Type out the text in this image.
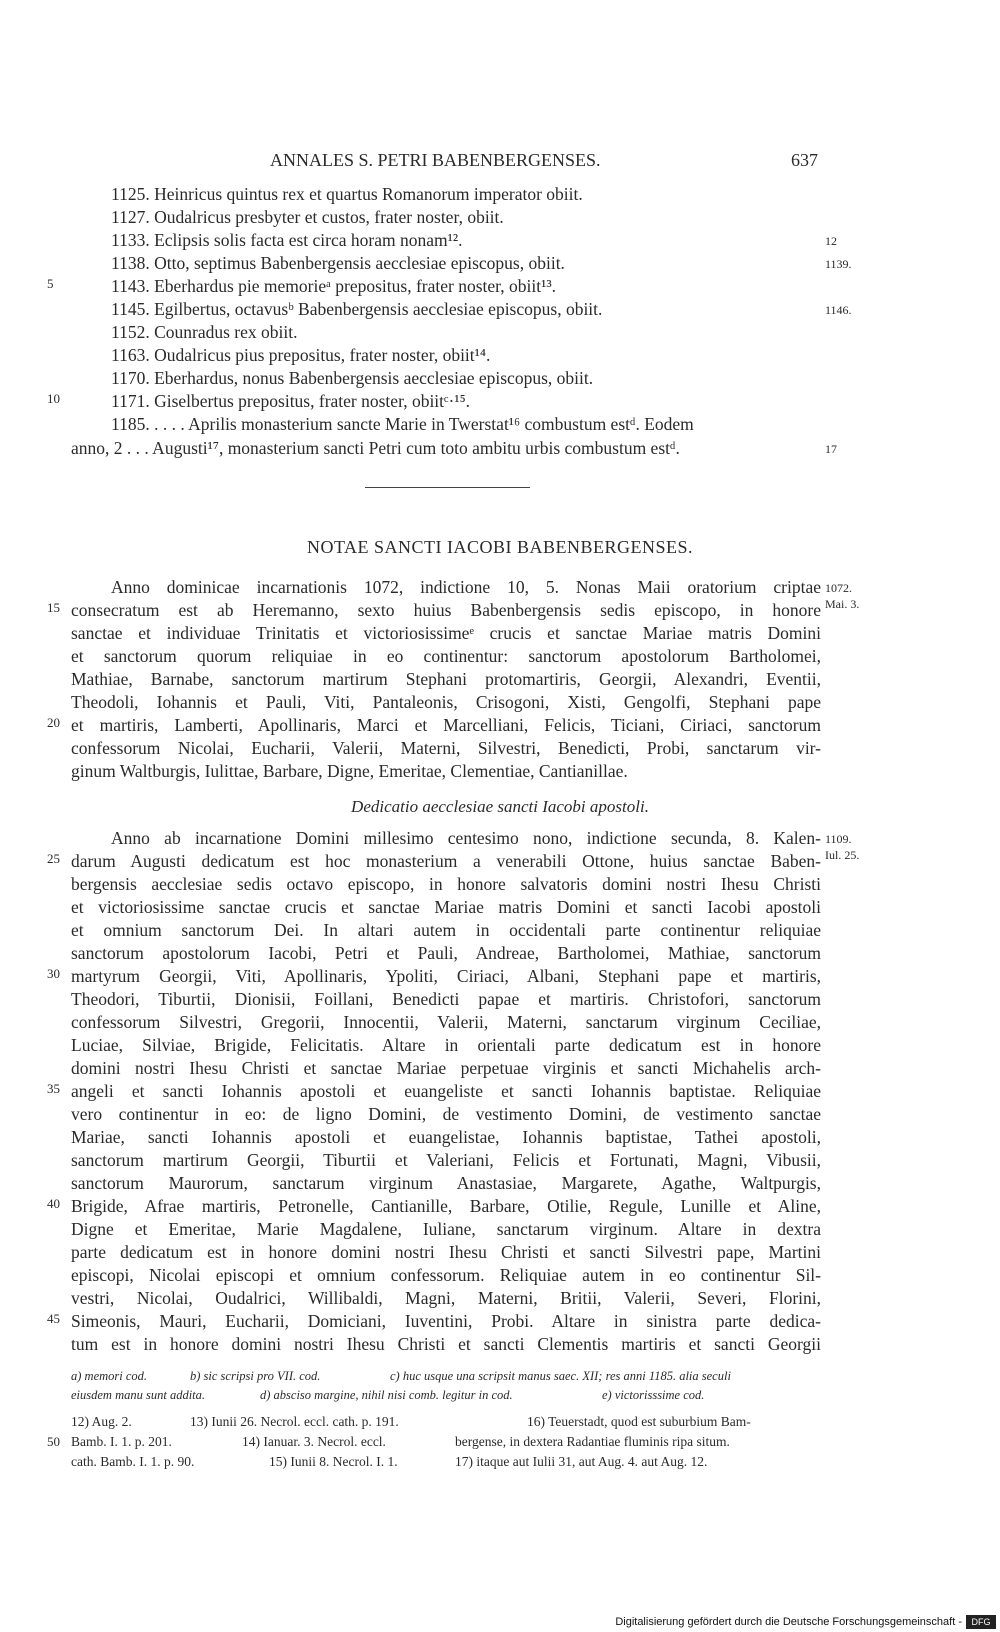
ANNALES S. PETRI BABENBERGENSES.	637
1125. Heinricus quintus rex et quartus Romanorum imperator obiit.
1127. Oudalricus presbyter et custos, frater noster, obiit.
1133. Eclipsis solis facta est circa horam nonam¹².	12
1138. Otto, septimus Babenbergensis aecclesiae episcopus, obiit.	1139.
5	1143. Eberhardus pie memorieᵃ prepositus, frater noster, obiit¹³.
1145. Egilbertus, octavusᵇ Babenbergensis aecclesiae episcopus, obiit.	1146.
1152. Counradus rex obiit.
1163. Oudalricus pius prepositus, frater noster, obiit¹⁴.
1170. Eberhardus, nonus Babenbergensis aecclesiae episcopus, obiit.
10	1171. Giselbertus prepositus, frater noster, obiitᶜ·¹⁵.
1185. . . . . Aprilis monasterium sancte Marie in Twerstat¹⁶ combustum estᵈ. Eodem
anno, 2 . . . Augusti¹⁷, monasterium sancti Petri cum toto ambitu urbis combustum estᵈ.	17
NOTAE SANCTI IACOBI BABENBERGENSES.
Anno dominicae incarnationis 1072, indictione 10, 5. Nonas Maii oratorium criptae 1072.
15 consecratum est ab Heremanno, sexto huius Babenbergensis sedis episcopo, in honore Mai. 3.
sanctae et individuae Trinitatis et victoriosissimeᵉ crucis et sanctae Mariae matris Domini
et sanctorum quorum reliquiae in eo continentur: sanctorum apostolorum Bartholomei,
Mathiae, Barnabe, sanctorum martirum Stephani protomartiris, Georgii, Alexandri, Eventii,
Theodoli, Iohannis et Pauli, Viti, Pantaleonis, Crisogoni, Xisti, Gengolfi, Stephani pape
20 et martiris, Lamberti, Apollinaris, Marci et Marcelliani, Felicis, Ticiani, Ciriaci, sanctorum
confessorum Nicolai, Eucharii, Valerii, Materni, Silvestri, Benedicti, Probi, sanctarum vir-
ginum Waltburgis, Iulittae, Barbare, Digne, Emeritae, Clementiae, Cantianillae.
Dedicatio aecclesiae sancti Iacobi apostoli.
Anno ab incarnatione Domini millesimo centesimo nono, indictione secunda, 8. Kalen- 1109.
25 darum Augusti dedicatum est hoc monasterium a venerabili Ottone, huius sanctae Baben- Iul. 25.
bergensis aecclesiae sedis octavo episcopo, in honore salvatoris domini nostri Ihesu Christi
et victoriosissime sanctae crucis et sanctae Mariae matris Domini et sancti Iacobi apostoli
et omnium sanctorum Dei. In altari autem in occidentali parte continentur reliquiae
sanctorum apostolorum Iacobi, Petri et Pauli, Andreae, Bartholomei, Mathiae, sanctorum
30 martyrum Georgii, Viti, Apollinaris, Ypoliti, Ciriaci, Albani, Stephani pape et martiris,
Theodori, Tiburtii, Dionisii, Foillani, Benedicti papae et martiris. Christofori, sanctorum
confessorum Silvestri, Gregorii, Innocentii, Valerii, Materni, sanctarum virginum Ceciliae,
Luciae, Silviae, Brigide, Felicitatis. Altare in orientali parte dedicatum est in honore
domini nostri Ihesu Christi et sanctae Mariae perpetuae virginis et sancti Michahelis arch-
35 angeli et sancti Iohannis apostoli et euangeliste et sancti Iohannis baptistae. Reliquiae
vero continentur in eo: de ligno Domini, de vestimento Domini, de vestimento sanctae
Mariae, sancti Iohannis apostoli et euangelistae, Iohannis baptistae, Tathei apostoli,
sanctorum martirum Georgii, Tiburtii et Valeriani, Felicis et Fortunati, Magni, Vibusii,
sanctorum Maurorum, sanctarum virginum Anastasiae, Margarete, Agathe, Waltpurgis,
40 Brigide, Afrae martiris, Petronelle, Cantianille, Barbare, Otilie, Regule, Lunille et Aline,
Digne et Emeritae, Marie Magdalene, Iuliane, sanctarum virginum. Altare in dextra
parte dedicatum est in honore domini nostri Ihesu Christi et sancti Silvestri pape, Martini
episcopi, Nicolai episcopi et omnium confessorum. Reliquiae autem in eo continentur Sil-
vestri, Nicolai, Oudalrici, Willibaldi, Magni, Materni, Britii, Valerii, Severi, Florini,
45 Simeonis, Mauri, Eucharii, Domiciani, Iuventini, Probi. Altare in sinistra parte dedica-
tum est in honore domini nostri Ihesu Christi et sancti Clementis martiris et sancti Georgii
a) memori cod.	b) sic scripsi pro VII. cod.	c) huc usque una scripsit manus saec. XII; res anni 1185. alia seculi
eiusdem manu sunt addita.	d) absciso margine, nihil nisi comb. legitur in cod.	e) victorisssime cod.
12) Aug. 2.
50 Bamb. I. 1. p. 201.
cath. Bamb. I. 1. p. 90.
13) Iunii 26. Necrol. eccl. cath. p. 191.
14) Ianuar. 3. Necrol. eccl.
15) Iunii 8. Necrol. I. 1.
16) Teuerstadt, quod est suburbium Bam-
bergense, in dextera Radantiae fluminis ripa situm.
17) itaque aut Iulii 31, aut Aug. 4. aut Aug. 12.
Digitalisierung gefördert durch die Deutsche Forschungsgemeinschaft -	DFG
